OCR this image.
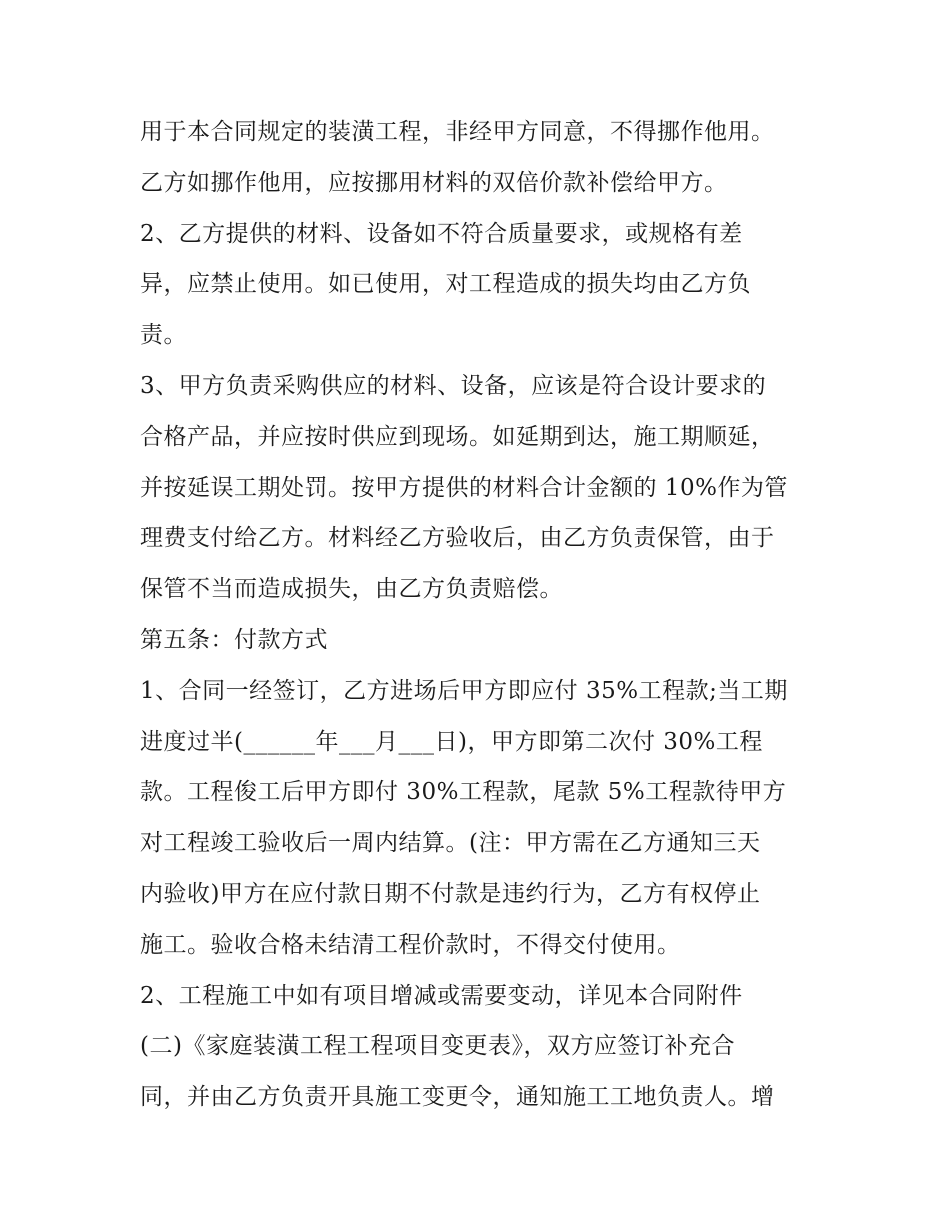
用于本合同规定的装潢工程，非经甲方同意，不得挪作他用。
乙方如挪作他用，应按挪用材料的双倍价款补偿给甲方。
2、乙方提供的材料、设备如不符合质量要求，或规格有差
异，应禁止使用。如已使用，对工程造成的损失均由乙方负
责。
3、甲方负责采购供应的材料、设备，应该是符合设计要求的
合格产品，并应按时供应到现场。如延期到达，施工期顺延，
并按延误工期处罚。按甲方提供的材料合计金额的 10%作为管
理费支付给乙方。材料经乙方验收后，由乙方负责保管，由于
保管不当而造成损失，由乙方负责赔偿。
第五条：付款方式
1、合同一经签订，乙方进场后甲方即应付 35%工程款;当工期
进度过半(______年___月___日)，甲方即第二次付 30%工程
款。工程俊工后甲方即付 30%工程款，尾款 5%工程款待甲方
对工程竣工验收后一周内结算。(注：甲方需在乙方通知三天
内验收)甲方在应付款日期不付款是违约行为，乙方有权停止
施工。验收合格未结清工程价款时，不得交付使用。
2、工程施工中如有项目增减或需要变动，详见本合同附件
(二)《家庭装潢工程工程项目变更表》，双方应签订补充合
同，并由乙方负责开具施工变更令，通知施工工地负责人。增
